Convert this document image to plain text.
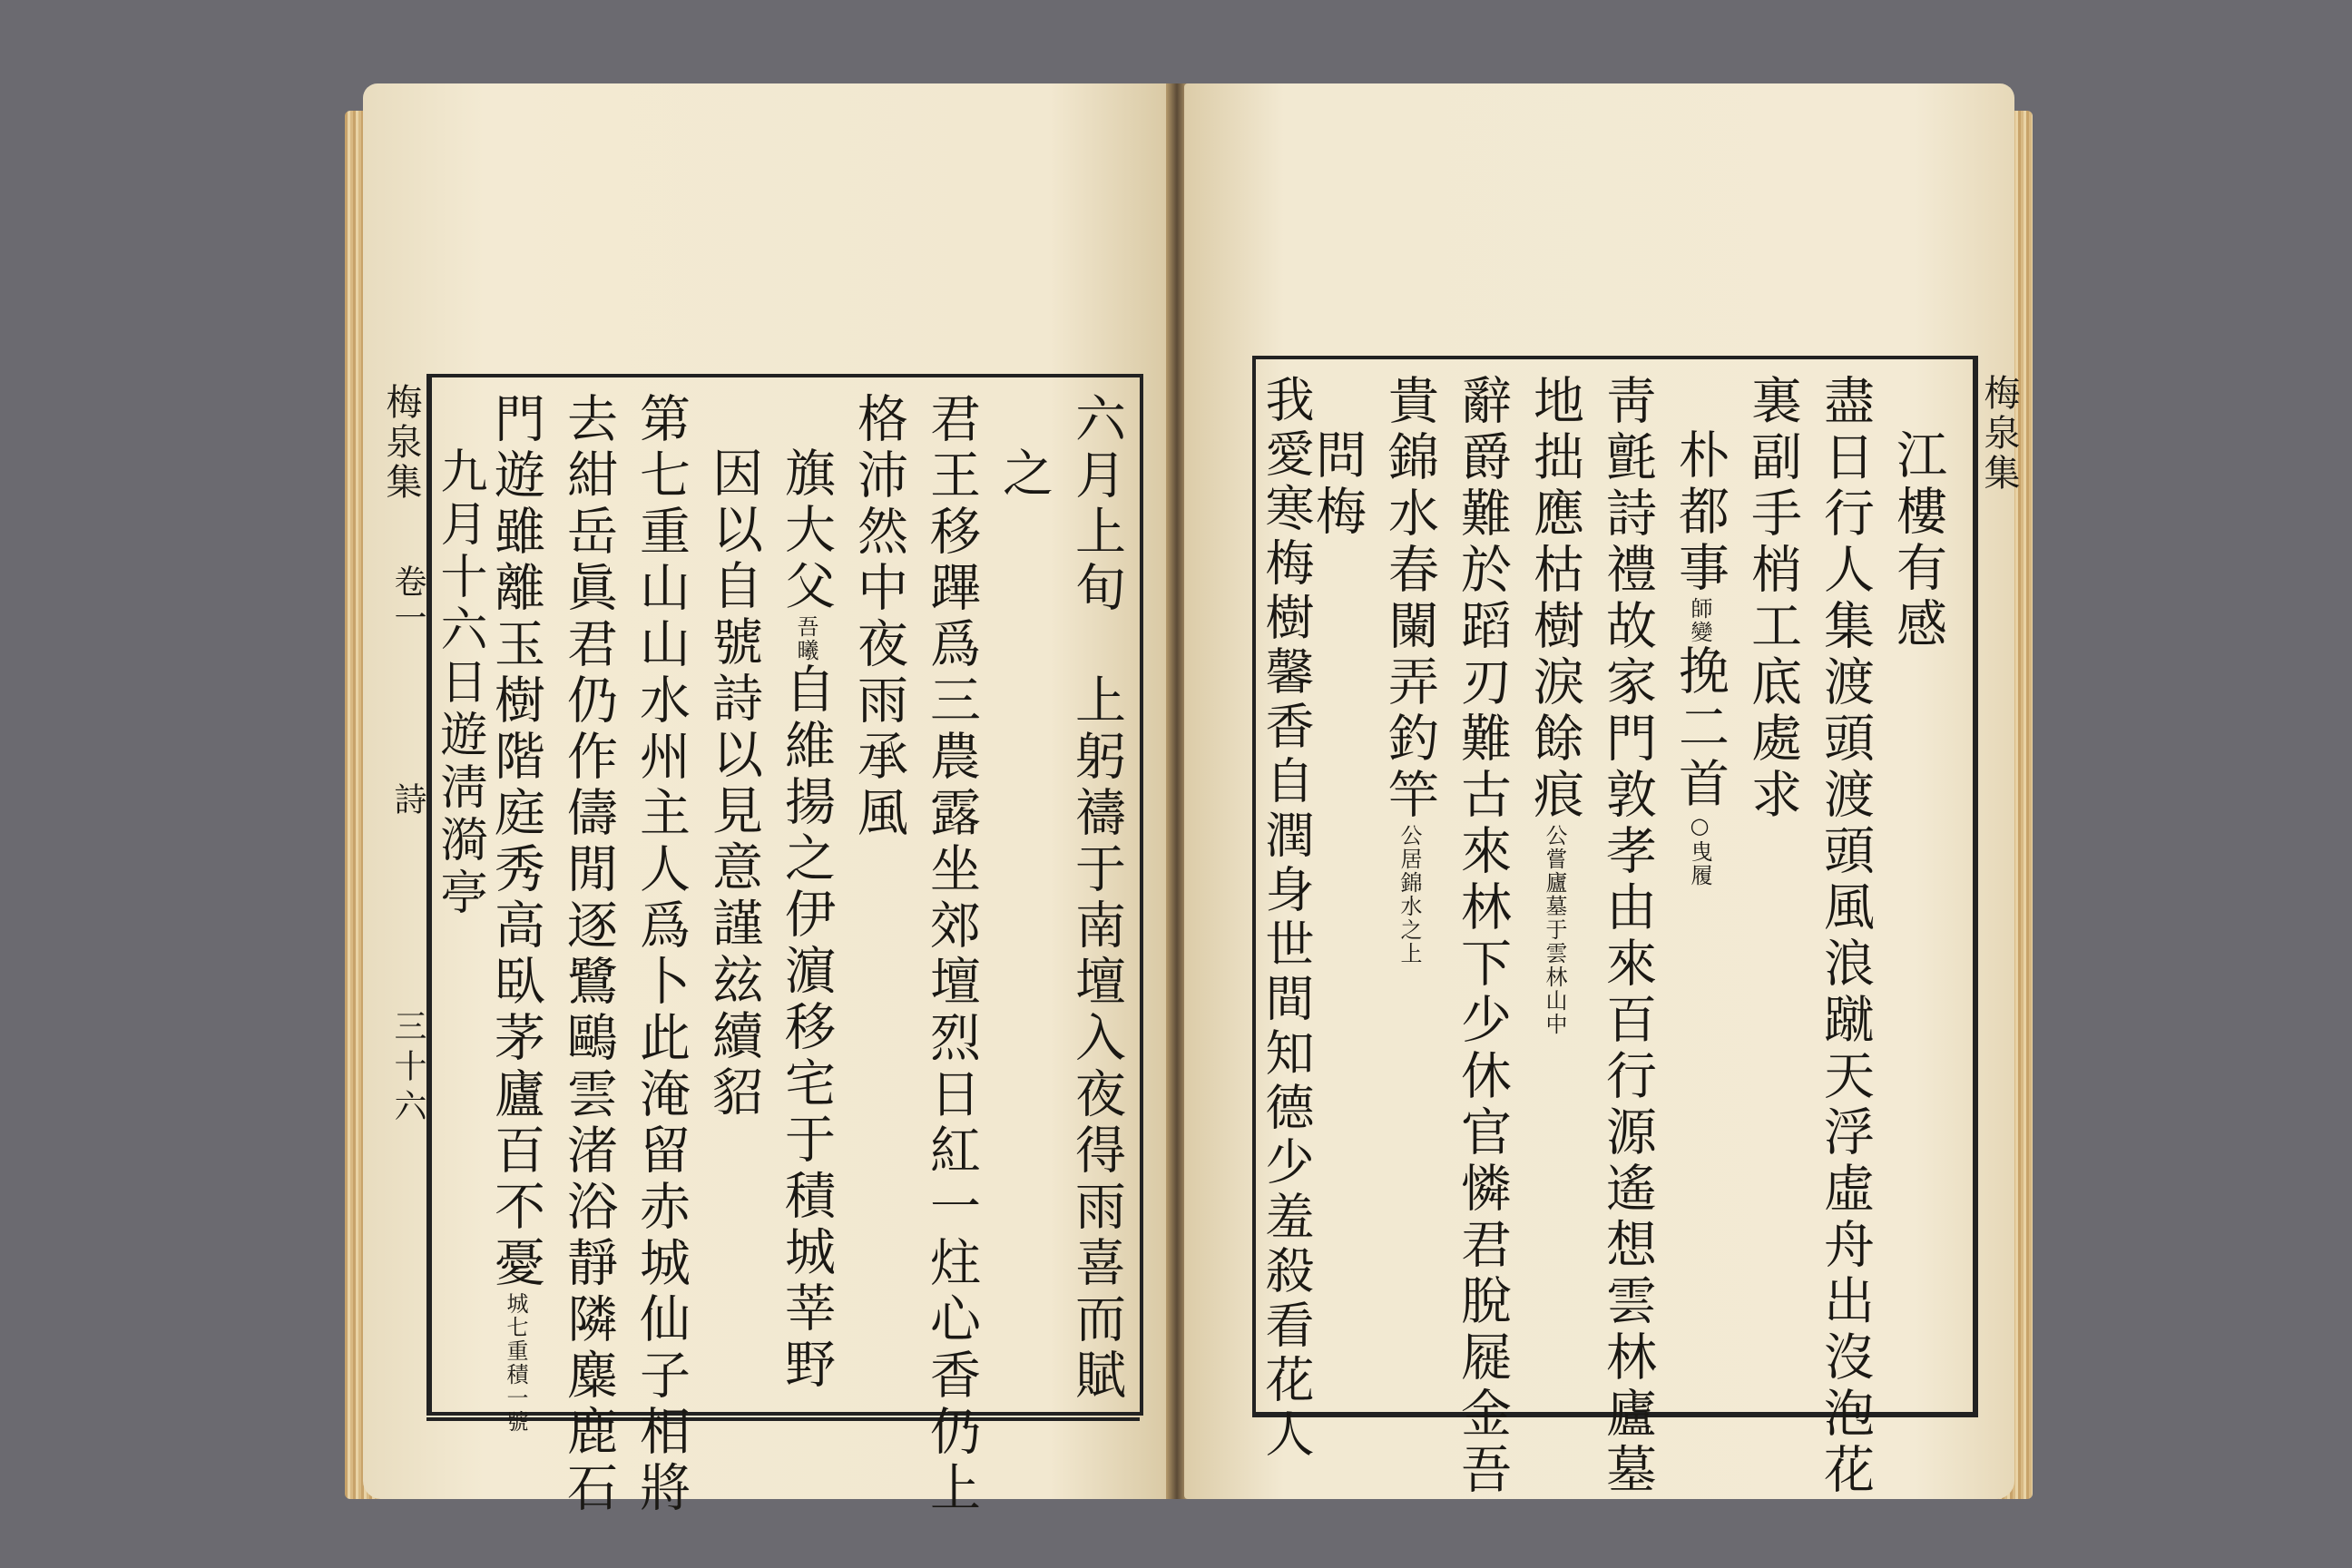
梅泉集
卷一
詩
三十六	六月上旬　上躬禱于南壇入夜得雨喜而賦
之
君王移蹕爲三農露坐郊壇烈日紅一炷心香仍上
格沛然中夜雨承風
旗大父吾曦自維揚之伊濵移宅于積城莘野
因以自號詩以見意謹玆續貂
第七重山山水州主人爲卜此淹留赤城仙子相將
去紺岳眞君仍作儔閒逐鷺鷗雲渚浴靜隣麋鹿石
門遊雖離玉樹階庭秀高臥茅廬百不憂城七重積一號
九月十六日遊淸漪亭
梅泉集
江樓有感
盡日行人集渡頭渡頭風浪蹴天浮虛舟出沒泡花
裏副手梢工底處求
朴都事師變挽二首○曳履
靑氈詩禮故家門敦孝由來百行源遙想雲林廬墓
地拙應枯樹淚餘痕公嘗廬墓于雲林山中
辭爵難於蹈刃難古來林下少休官憐君脫屣金吾
貴錦水春闌弄釣竿公居錦水之上
問梅
我愛寒梅樹馨香自潤身世間知德少羞殺看花人
